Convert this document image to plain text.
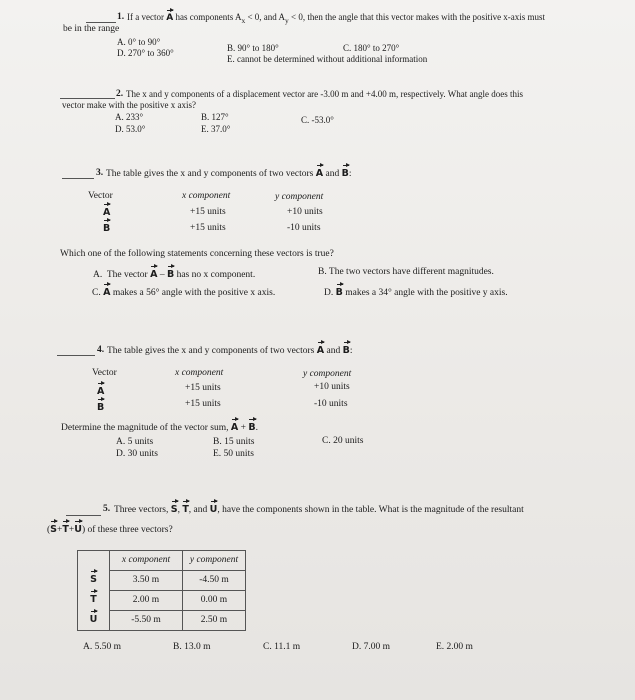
1. If a vector A has components $A_x < 0$, and $A_y < 0$, then the angle that this vector makes with the positive x-axis must
be in the range
A. 0° to 90°
B. 90° to 180°	C. 180° to 270°
D. 270° to 360°
E. cannot be determined without additional information
2. The x and y components of a displacement vector are -3.00 m and +4.00 m, respectively. What angle does this
vector make with the positive x axis?
A. 233°	B. 127°	C. -53.0°
D. 53.0°	E. 37.0°
3. The table gives the x and y components of two vectors A and B:
Vector	x component	y component
A	+15 units	+10 units
B	+15 units	-10 units
Which one of the following statements concerning these vectors is true?
A.  The vector A – B has no x component.	B. The two vectors have different magnitudes.
C. A makes a 56° angle with the positive x axis.	D. B makes a 34° angle with the positive y axis.
4. The table gives the x and y components of two vectors A and B:
Vector	x component	y component
A	+15 units	+10 units
B	+15 units	-10 units
Determine the magnitude of the vector sum, A + B.
A. 5 units	B. 15 units	C. 20 units
D. 30 units	E. 50 units
5. Three vectors, S, T, and U, have the components shown in the table. What is the magnitude of the resultant
(S+T+U) of these three vectors?
	x component	y component
S	3.50 m	-4.50 m
T	2.00 m	0.00 m
U	-5.50 m	2.50 m
A. 5.50 m	B. 13.0 m	C. 11.1 m	D. 7.00 m	E. 2.00 m
